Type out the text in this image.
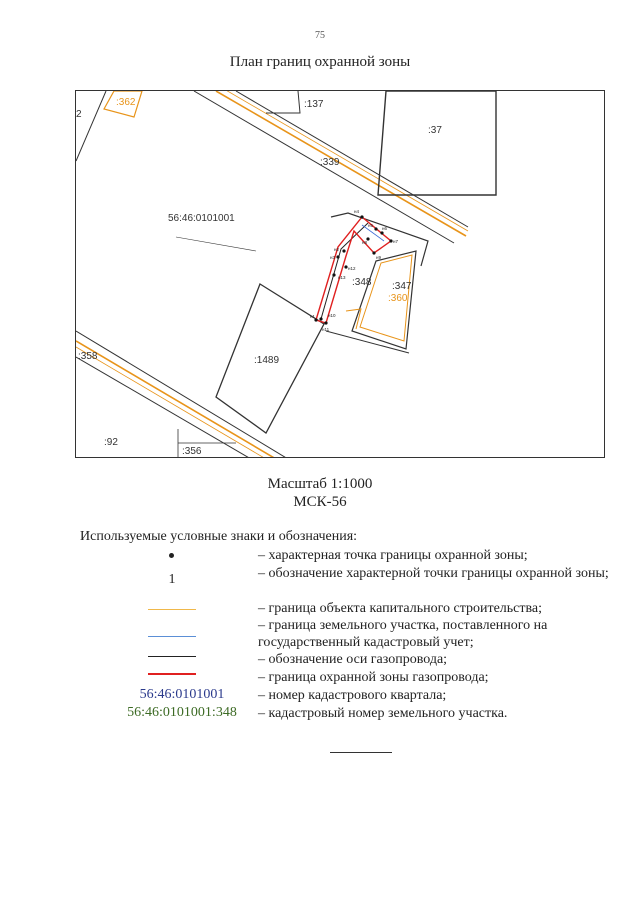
75
План границ охранной зоны
н4
н5
н6
н7
н8
н9
н2
н3
н12
н13
н11
н1	н10
:362
2
:137
:37
:339
56:46:0101001
:348 :347
:360
:1489
:358
:92
:356
Масштаб 1:1000
МСК-56
Используемые условные знаки и обозначения:
1
56:46:0101001
56:46:0101001:348
– характерная точка границы охранной зоны;
– обозначение характерной точки границы охранной зоны;
– граница объекта капитального строительства;
– граница земельного участка, поставленного на государственный кадастровый учет;
– обозначение оси газопровода;
– граница охранной зоны газопровода;
– номер кадастрового квартала;
– кадастровый номер земельного участка.
